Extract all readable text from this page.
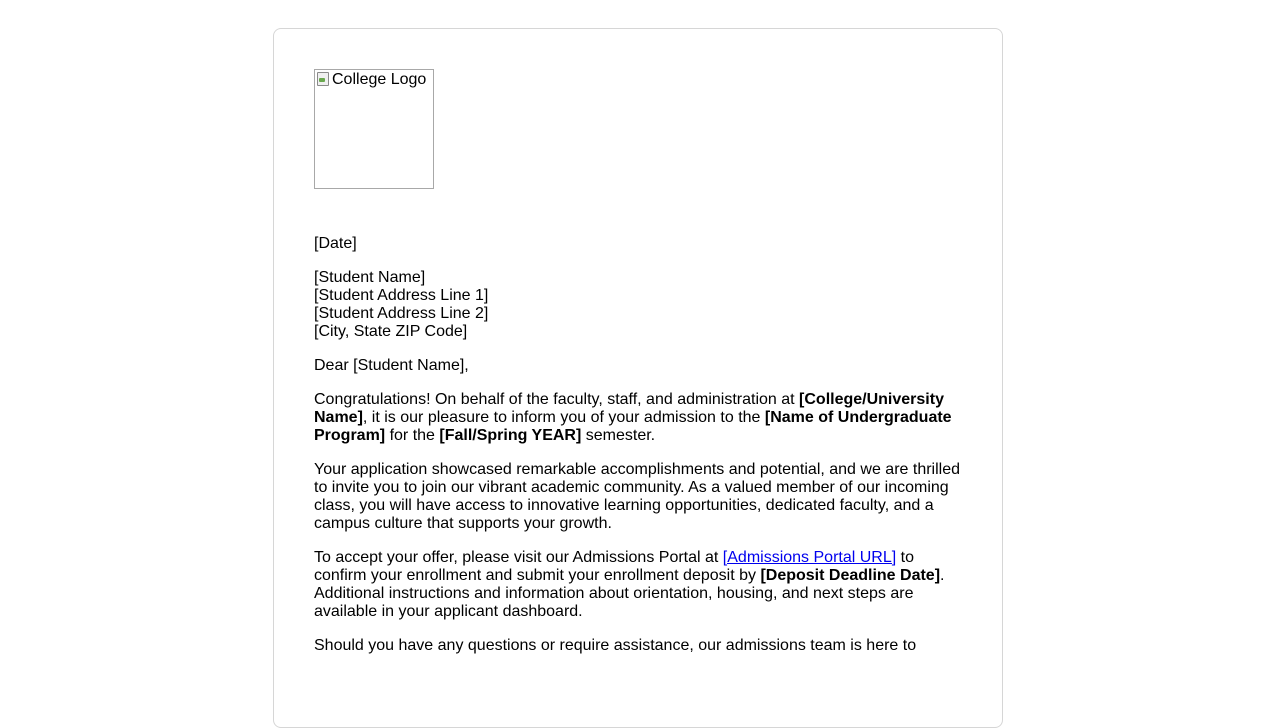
College Logo

[Date]

[Student Name]

[Student Address Line 1]

[Student Address Line 2]

[City, State ZIP Code]

Dear [Student Name],

Congratulations! On behalf of the faculty, staff, and administration at [College/University Name], it is our pleasure to inform you of your admission to the [Name of Undergraduate Program] for the [Fall/Spring YEAR] semester.

Your application showcased remarkable accomplishments and potential, and we are thrilled to invite you to join our vibrant academic community. As a valued member of our incoming class, you will have access to innovative learning opportunities, dedicated faculty, and a campus culture that supports your growth.

To accept your offer, please visit our Admissions Portal at [Admissions Portal URL] to confirm your enrollment and submit your enrollment deposit by [Deposit Deadline Date]. Additional instructions and information about orientation, housing, and next steps are available in your applicant dashboard.

Should you have any questions or require assistance, our admissions team is here to
